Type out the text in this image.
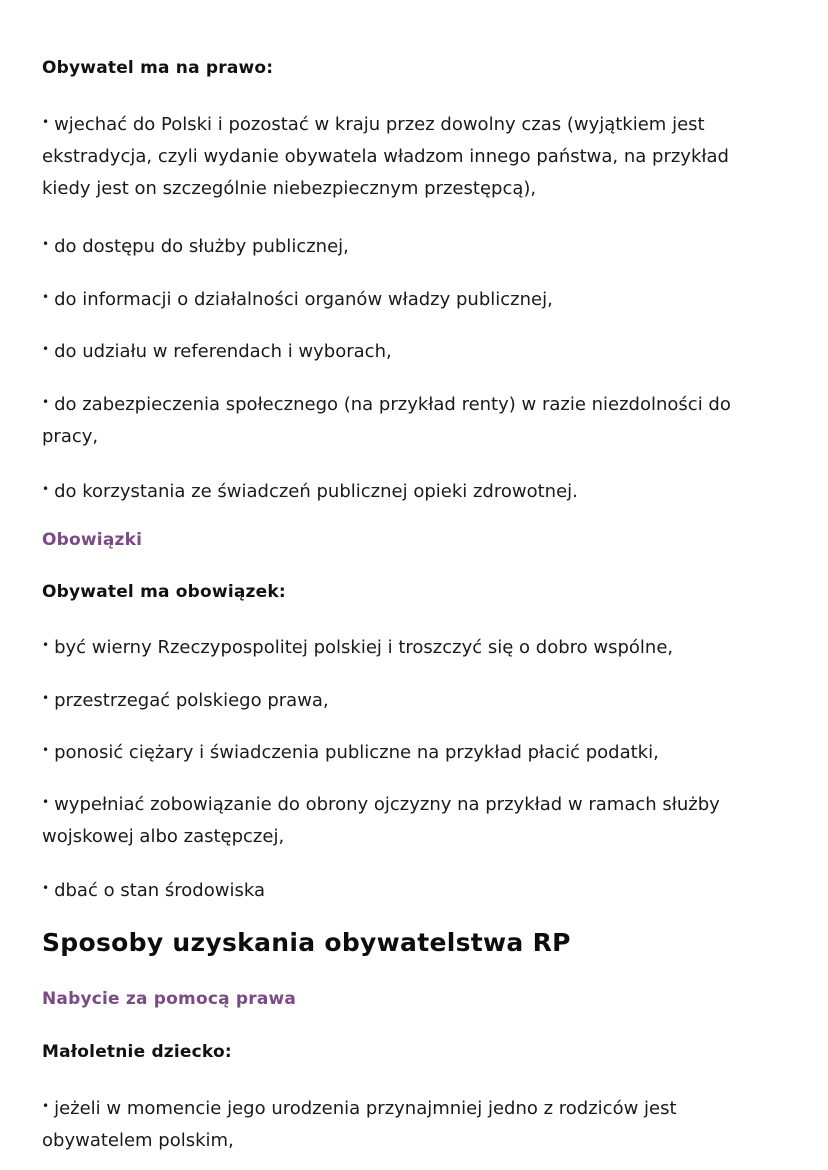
Obywatel ma na prawo:
• wjechać do Polski i pozostać w kraju przez dowolny czas (wyjątkiem jest ekstradycja, czyli wydanie obywatela władzom innego państwa, na przykład kiedy jest on szczególnie niebezpiecznym przestępcą),
• do dostępu do służby publicznej,
• do informacji o działalności organów władzy publicznej,
• do udziału w referendach i wyborach,
• do zabezpieczenia społecznego (na przykład renty) w razie niezdolności do pracy,
• do korzystania ze świadczeń publicznej opieki zdrowotnej.
Obowiązki
Obywatel ma obowiązek:
• być wierny Rzeczypospolitej polskiej i troszczyć się o dobro wspólne,
• przestrzegać polskiego prawa,
• ponosić ciężary i świadczenia publiczne na przykład płacić podatki,
• wypełniać zobowiązanie do obrony ojczyzny na przykład w ramach służby wojskowej albo zastępczej,
• dbać o stan środowiska
Sposoby uzyskania obywatelstwa RP
Nabycie za pomocą prawa
Małoletnie dziecko:
• jeżeli w momencie jego urodzenia przynajmniej jedno z rodziców jest obywatelem polskim,
